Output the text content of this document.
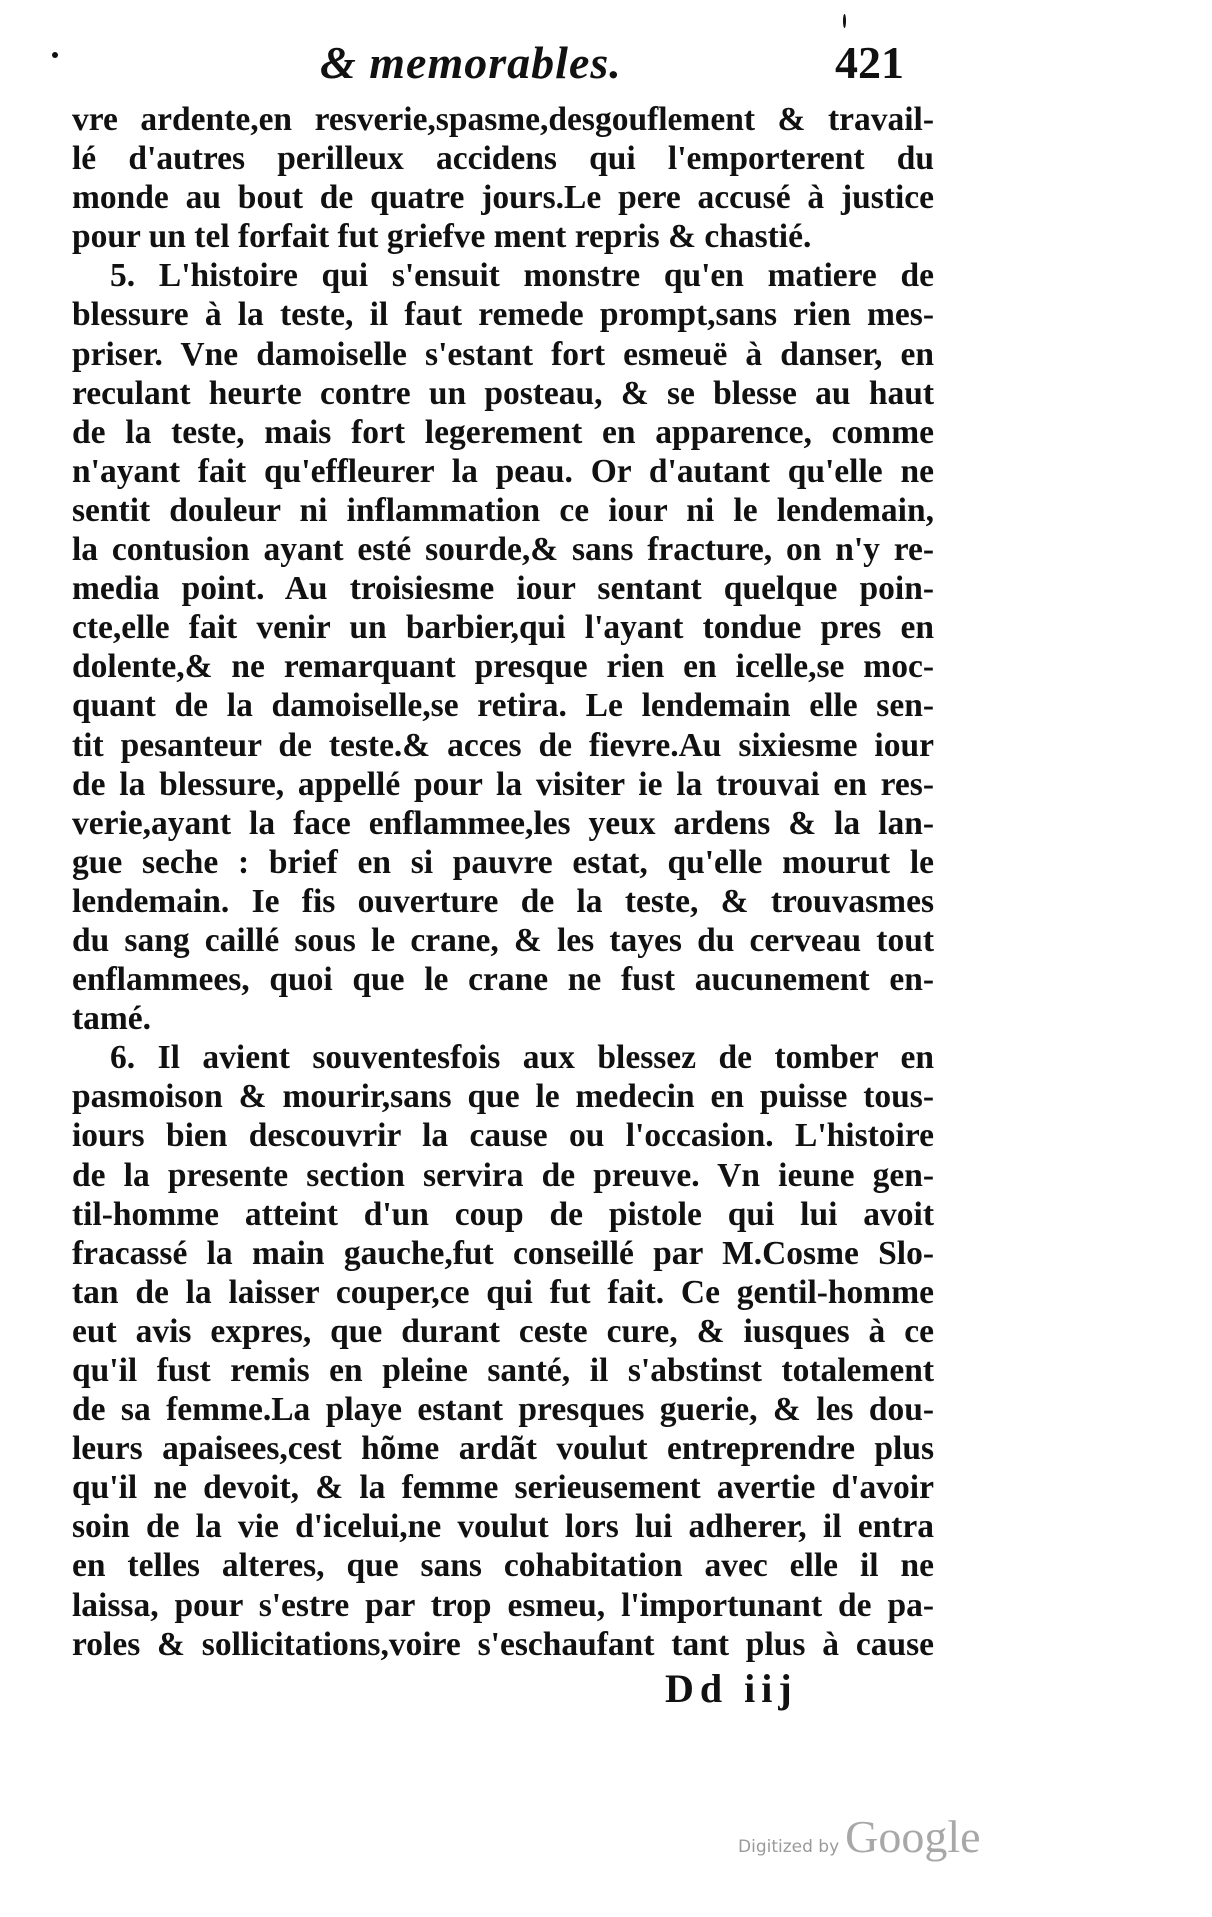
& memorables.	421
vre ardente,en resverie,spasme,desgouflement & travail-
lé d'autres perilleux accidens qui l'emporterent du
monde au bout de quatre jours.Le pere accusé à justice
pour un tel forfait fut griefve ment repris & chastié.
5. L'histoire qui s'ensuit monstre qu'en matiere de
blessure à la teste, il faut remede prompt,sans rien mes-
priser. Vne damoiselle s'estant fort esmeuë à danser, en
reculant heurte contre un posteau, & se blesse au haut
de la teste, mais fort legerement en apparence, comme
n'ayant fait qu'effleurer la peau. Or d'autant qu'elle ne
sentit douleur ni inflammation ce iour ni le lendemain,
la contusion ayant esté sourde,& sans fracture, on n'y re-
media point. Au troisiesme iour sentant quelque poin-
cte,elle fait venir un barbier,qui l'ayant tondue pres en
dolente,& ne remarquant presque rien en icelle,se moc-
quant de la damoiselle,se retira. Le lendemain elle sen-
tit pesanteur de teste.& acces de fievre.Au sixiesme iour
de la blessure, appellé pour la visiter ie la trouvai en res-
verie,ayant la face enflammee,les yeux ardens & la lan-
gue seche : brief en si pauvre estat, qu'elle mourut le
lendemain. Ie fis ouverture de la teste, & trouvasmes
du sang caillé sous le crane, & les tayes du cerveau tout
enflammees, quoi que le crane ne fust aucunement en-
tamé.
6. Il avient souventesfois aux blessez de tomber en
pasmoison & mourir,sans que le medecin en puisse tous-
iours bien descouvrir la cause ou l'occasion. L'histoire
de la presente section servira de preuve. Vn ieune gen-
til-homme atteint d'un coup de pistole qui lui avoit
fracassé la main gauche,fut conseillé par M.Cosme Slo-
tan de la laisser couper,ce qui fut fait. Ce gentil-homme
eut avis expres, que durant ceste cure, & iusques à ce
qu'il fust remis en pleine santé, il s'abstinst totalement
de sa femme.La playe estant presques guerie, & les dou-
leurs apaisees,cest hõme ardãt voulut entreprendre plus
qu'il ne devoit, & la femme serieusement avertie d'avoir
soin de la vie d'icelui,ne voulut lors lui adherer, il entra
en telles alteres, que sans cohabitation avec elle il ne
laissa, pour s'estre par trop esmeu, l'importunant de pa-
roles & sollicitations,voire s'eschaufant tant plus à cause
Dd iij
Digitized by Google
